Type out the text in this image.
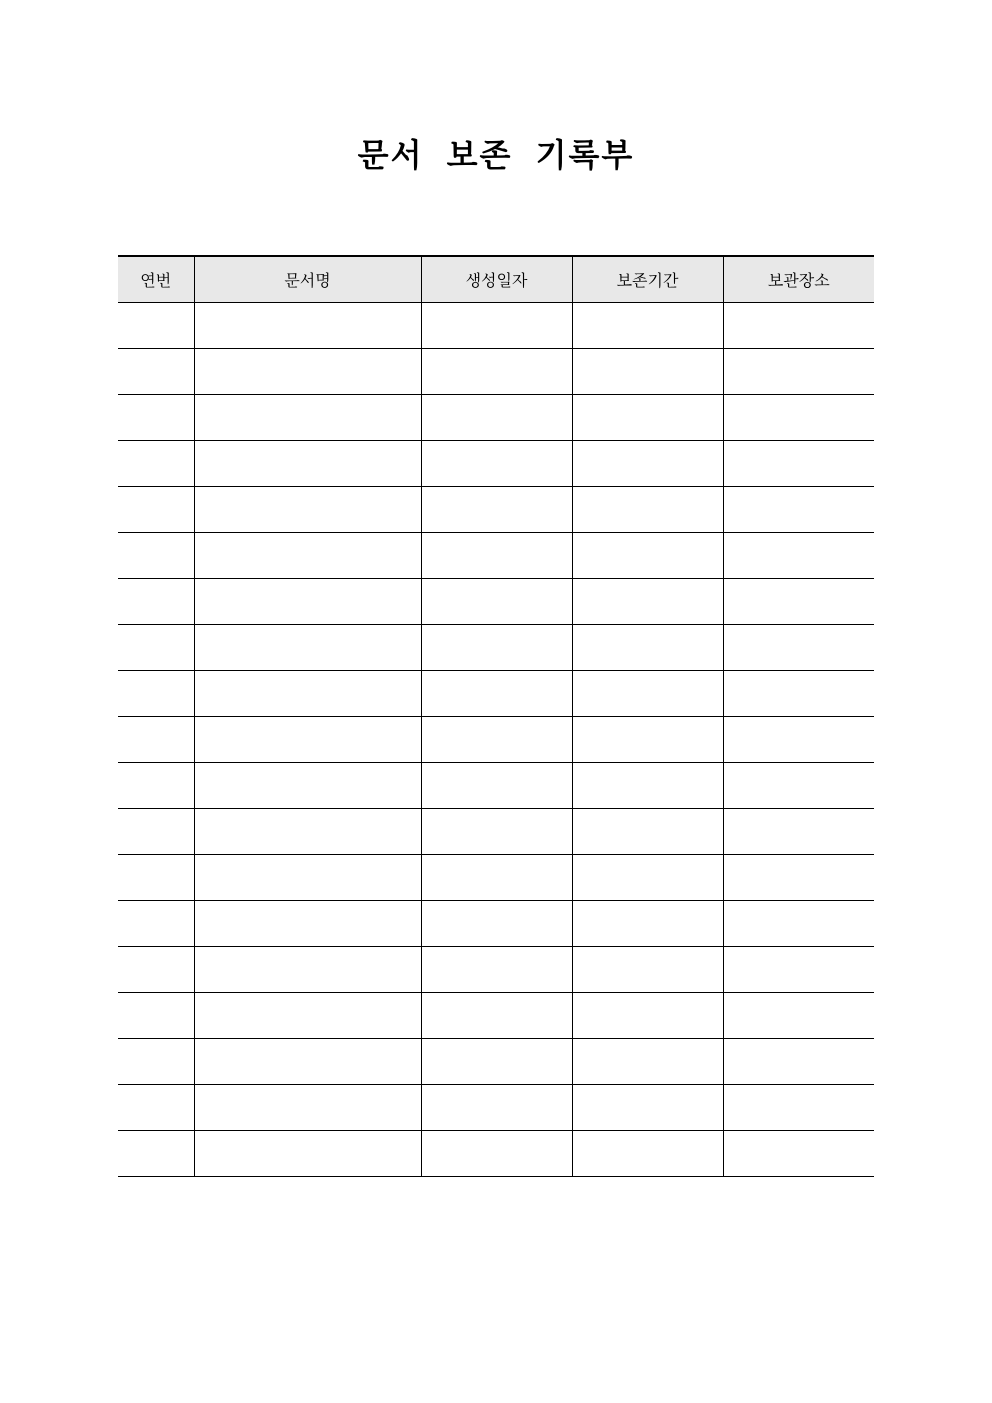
문서 보존 기록부
연번	문서명	생성일자	보존기간	보관장소
